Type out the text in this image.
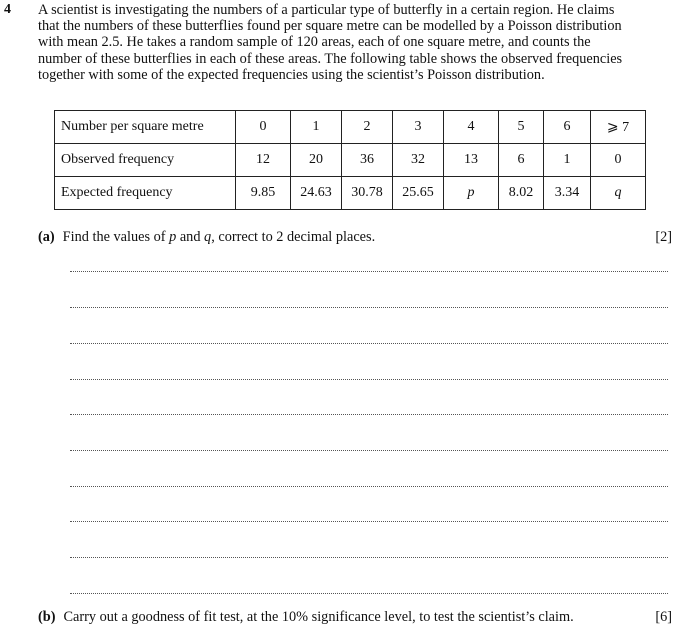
4 A scientist is investigating the numbers of a particular type of butterfly in a certain region. He claims
that the numbers of these butterflies found per square metre can be modelled by a Poisson distribution
with mean 2.5. He takes a random sample of 120 areas, each of one square metre, and counts the
number of these butterflies in each of these areas. The following table shows the observed frequencies
together with some of the expected frequencies using the scientist’s Poisson distribution.
Number per square metre	0	1	2	3	4	5	6	⩾ 7
Observed frequency	12	20	36	32	13	6	1	0
Expected frequency	9.85	24.63	30.78	25.65	p	8.02	3.34	q
(a) Find the values of p and q, correct to 2 decimal places.	[2]
(b) Carry out a goodness of fit test, at the 10% significance level, to test the scientist’s claim.	[6]
